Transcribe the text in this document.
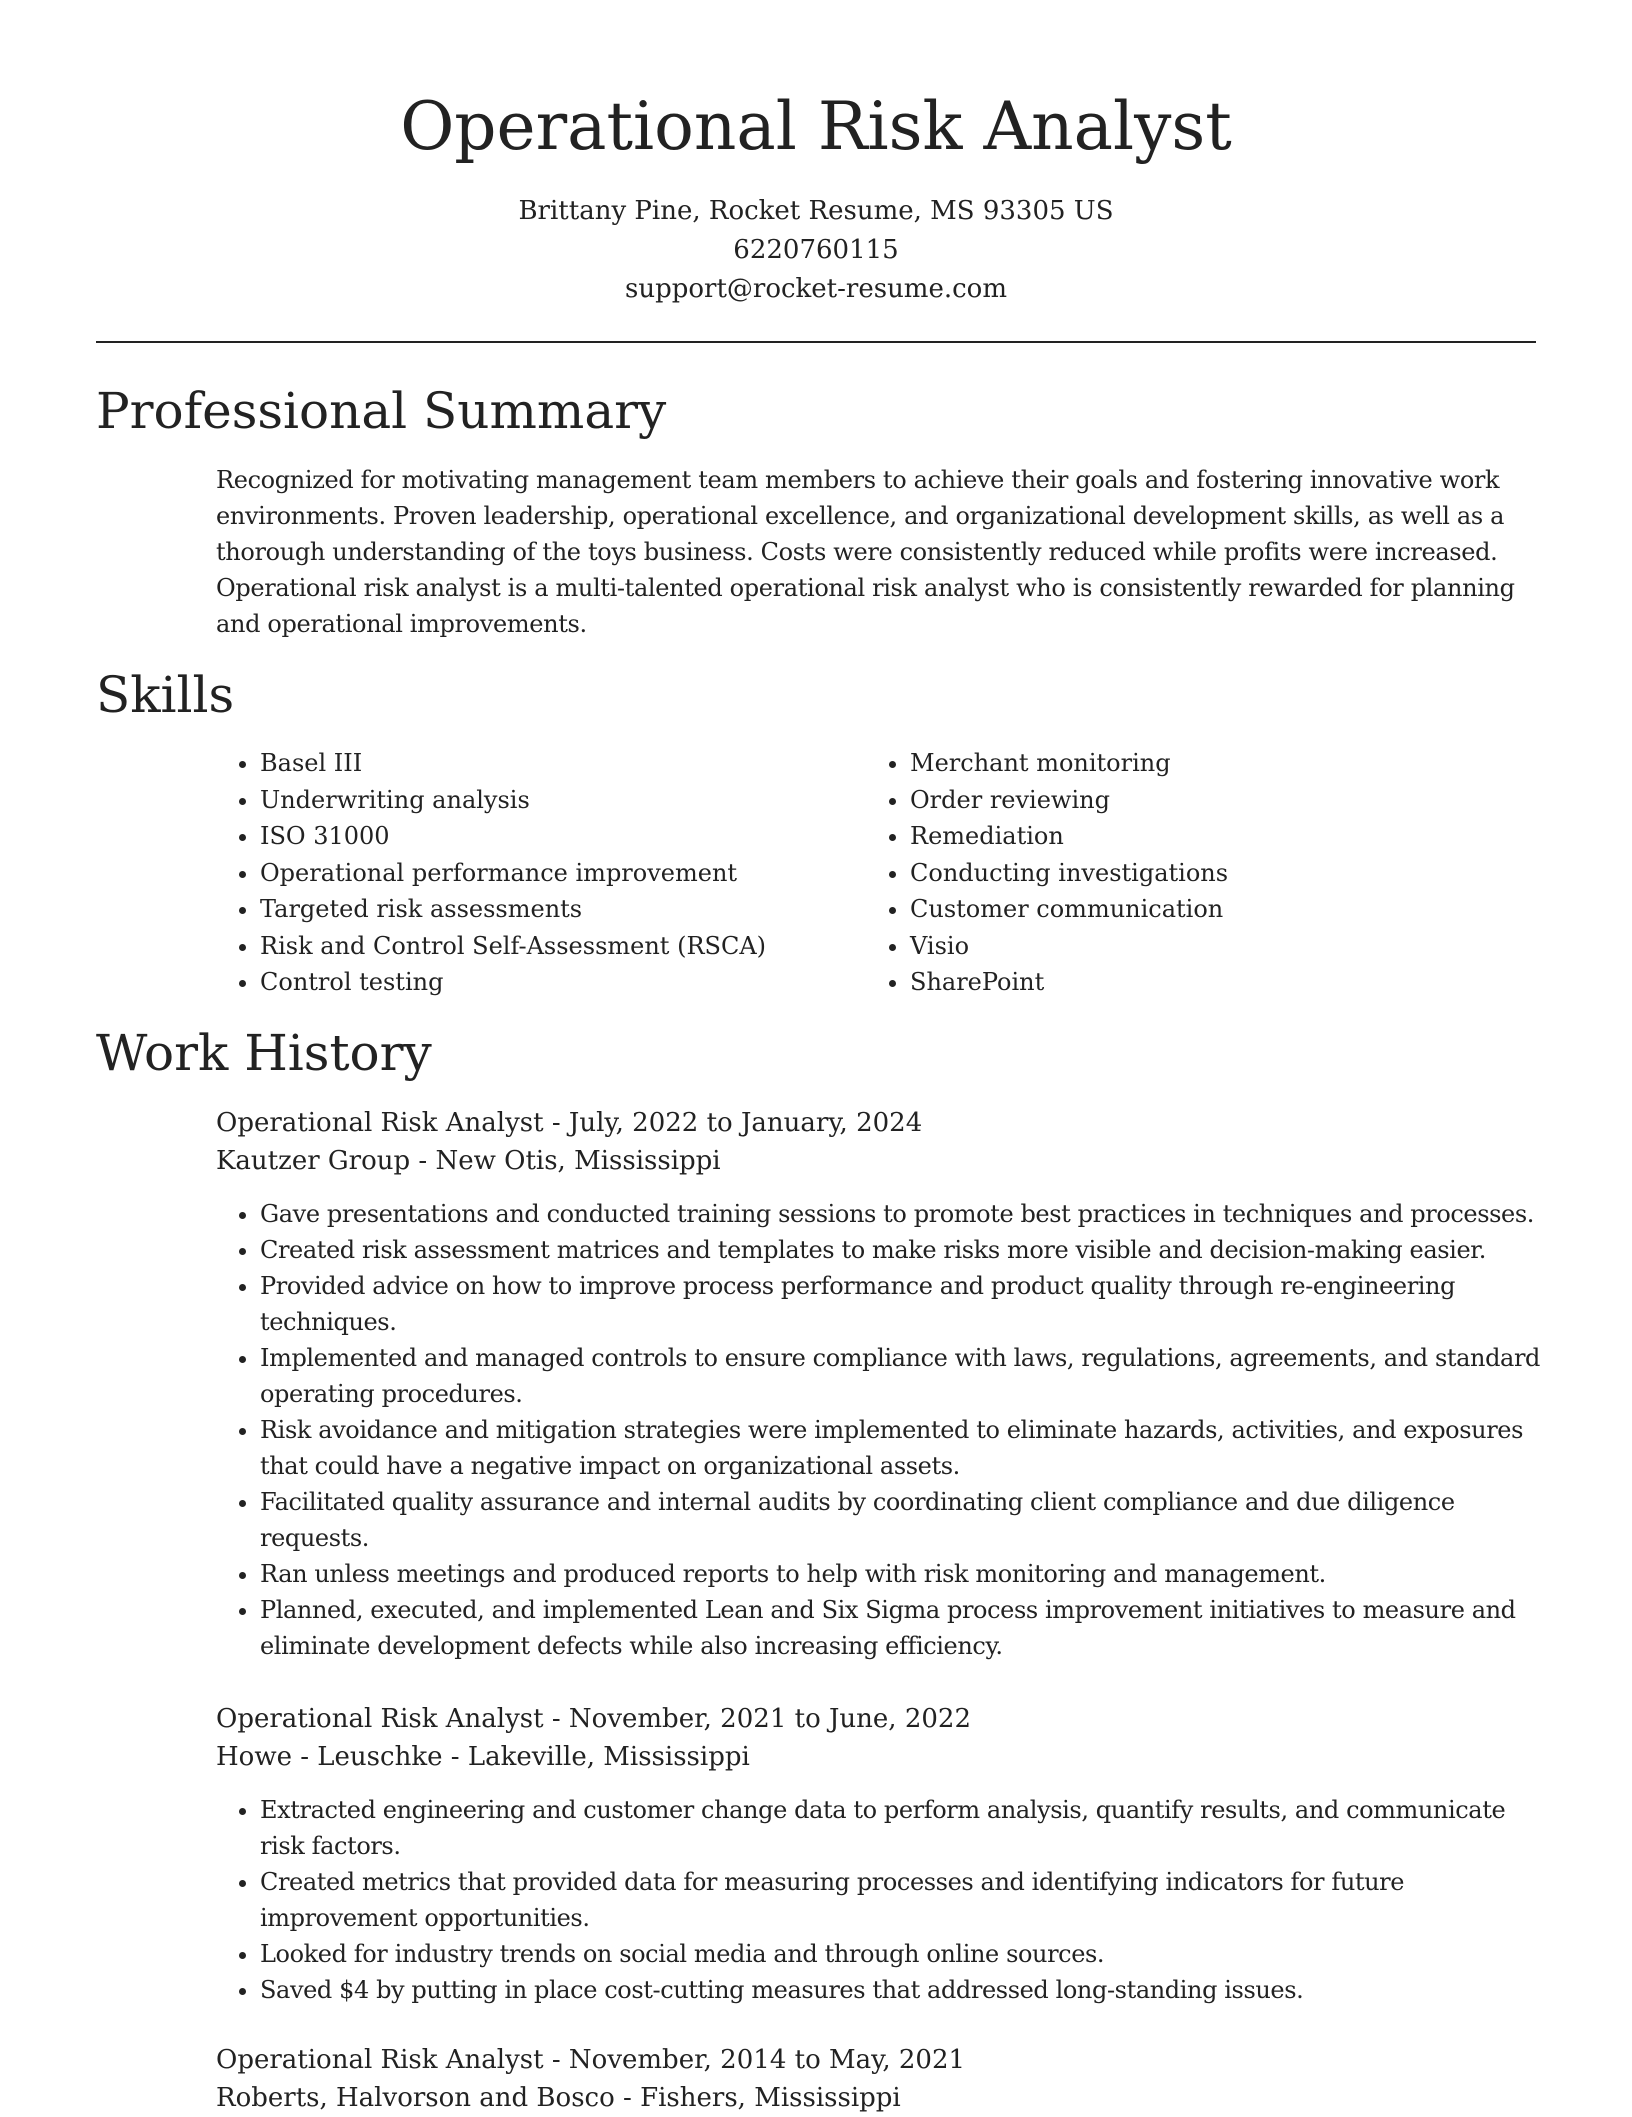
Operational Risk Analyst
Brittany Pine, Rocket Resume, MS 93305 US
6220760115
support@rocket-resume.com
Professional Summary
Recognized for motivating management team members to achieve their goals and fostering innovative work environments. Proven leadership, operational excellence, and organizational development skills, as well as a thorough understanding of the toys business. Costs were consistently reduced while profits were increased. Operational risk analyst is a multi-talented operational risk analyst who is consistently rewarded for planning and operational improvements.
Skills
• Basel III
• Underwriting analysis
• ISO 31000
• Operational performance improvement
• Targeted risk assessments
• Risk and Control Self-Assessment (RSCA)
• Control testing
• Merchant monitoring
• Order reviewing
• Remediation
• Conducting investigations
• Customer communication
• Visio
• SharePoint
Work History

Operational Risk Analyst - July, 2022 to January, 2024

Kautzer Group - New Otis, Mississippi

• Gave presentations and conducted training sessions to promote best practices in techniques and processes.
• Created risk assessment matrices and templates to make risks more visible and decision-making easier.
• Provided advice on how to improve process performance and product quality through re-engineering techniques.
• Implemented and managed controls to ensure compliance with laws, regulations, agreements, and standard operating procedures.
• Risk avoidance and mitigation strategies were implemented to eliminate hazards, activities, and exposures that could have a negative impact on organizational assets.
• Facilitated quality assurance and internal audits by coordinating client compliance and due diligence requests.
• Ran unless meetings and produced reports to help with risk monitoring and management.
• Planned, executed, and implemented Lean and Six Sigma process improvement initiatives to measure and eliminate development defects while also increasing efficiency.

Operational Risk Analyst - November, 2021 to June, 2022

Howe - Leuschke - Lakeville, Mississippi

• Extracted engineering and customer change data to perform analysis, quantify results, and communicate risk factors.
• Created metrics that provided data for measuring processes and identifying indicators for future improvement opportunities.
• Looked for industry trends on social media and through online sources.
• Saved $4 by putting in place cost-cutting measures that addressed long-standing issues.

Operational Risk Analyst - November, 2014 to May, 2021

Roberts, Halvorson and Bosco - Fishers, Mississippi
